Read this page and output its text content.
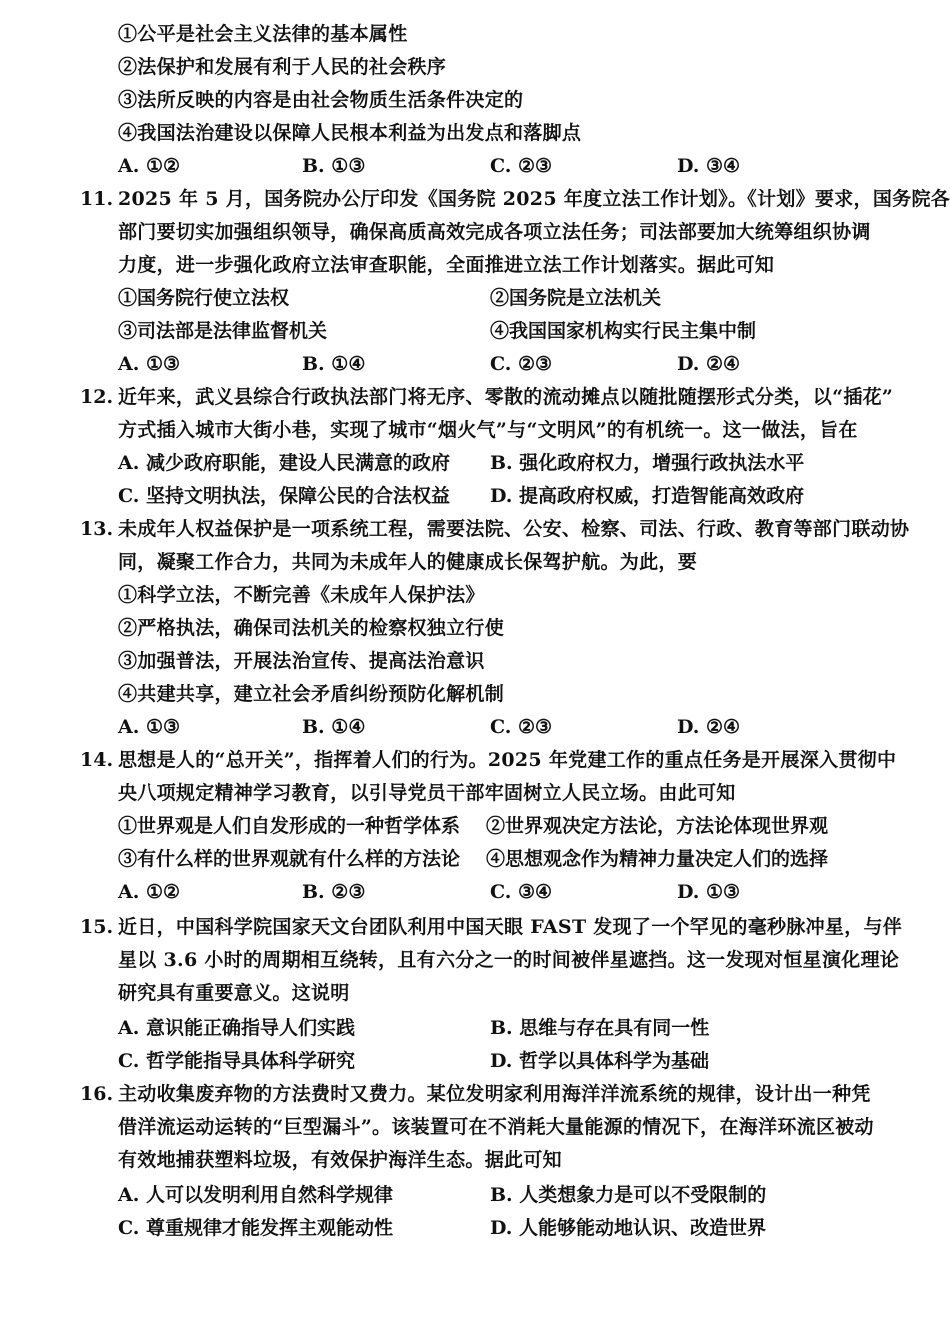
①公平是社会主义法律的基本属性
②法保护和发展有利于人民的社会秩序
③法所反映的内容是由社会物质生活条件决定的
④我国法治建设以保障人民根本利益为出发点和落脚点
A. ①②	B. ①③	C. ②③	D. ③④
11. 2025 年 5 月，国务院办公厅印发《国务院 2025 年度立法工作计划》。《计划》要求，国务院各
部门要切实加强组织领导，确保高质高效完成各项立法任务；司法部要加大统筹组织协调
力度，进一步强化政府立法审查职能，全面推进立法工作计划落实。据此可知
①国务院行使立法权	②国务院是立法机关
③司法部是法律监督机关	④我国国家机构实行民主集中制
A. ①③	B. ①④	C. ②③	D. ②④
12. 近年来，武义县综合行政执法部门将无序、零散的流动摊点以随批随摆形式分类，以“插花”
方式插入城市大街小巷，实现了城市“烟火气”与“文明风”的有机统一。这一做法，旨在
A. 减少政府职能，建设人民满意的政府 B. 强化政府权力，增强行政执法水平
C. 坚持文明执法，保障公民的合法权益 D. 提高政府权威，打造智能高效政府
13. 未成年人权益保护是一项系统工程，需要法院、公安、检察、司法、行政、教育等部门联动协
同，凝聚工作合力，共同为未成年人的健康成长保驾护航。为此，要
①科学立法，不断完善《未成年人保护法》
②严格执法，确保司法机关的检察权独立行使
③加强普法，开展法治宣传、提高法治意识
④共建共享，建立社会矛盾纠纷预防化解机制
A. ①③	B. ①④	C. ②③	D. ②④
14. 思想是人的“总开关”，指挥着人们的行为。2025 年党建工作的重点任务是开展深入贯彻中
央八项规定精神学习教育，以引导党员干部牢固树立人民立场。由此可知
①世界观是人们自发形成的一种哲学体系 ②世界观决定方法论，方法论体现世界观
③有什么样的世界观就有什么样的方法论 ④思想观念作为精神力量决定人们的选择
A. ①②	B. ②③	C. ③④	D. ①③
15. 近日，中国科学院国家天文台团队利用中国天眼 FAST 发现了一个罕见的毫秒脉冲星，与伴
星以 3.6 小时的周期相互绕转，且有六分之一的时间被伴星遮挡。这一发现对恒星演化理论
研究具有重要意义。这说明
A. 意识能正确指导人们实践	B. 思维与存在具有同一性
C. 哲学能指导具体科学研究	D. 哲学以具体科学为基础
16. 主动收集废弃物的方法费时又费力。某位发明家利用海洋洋流系统的规律，设计出一种凭
借洋流运动运转的“巨型漏斗”。该装置可在不消耗大量能源的情况下，在海洋环流区被动
有效地捕获塑料垃圾，有效保护海洋生态。据此可知
A. 人可以发明利用自然科学规律	B. 人类想象力是可以不受限制的
C. 尊重规律才能发挥主观能动性	D. 人能够能动地认识、改造世界
